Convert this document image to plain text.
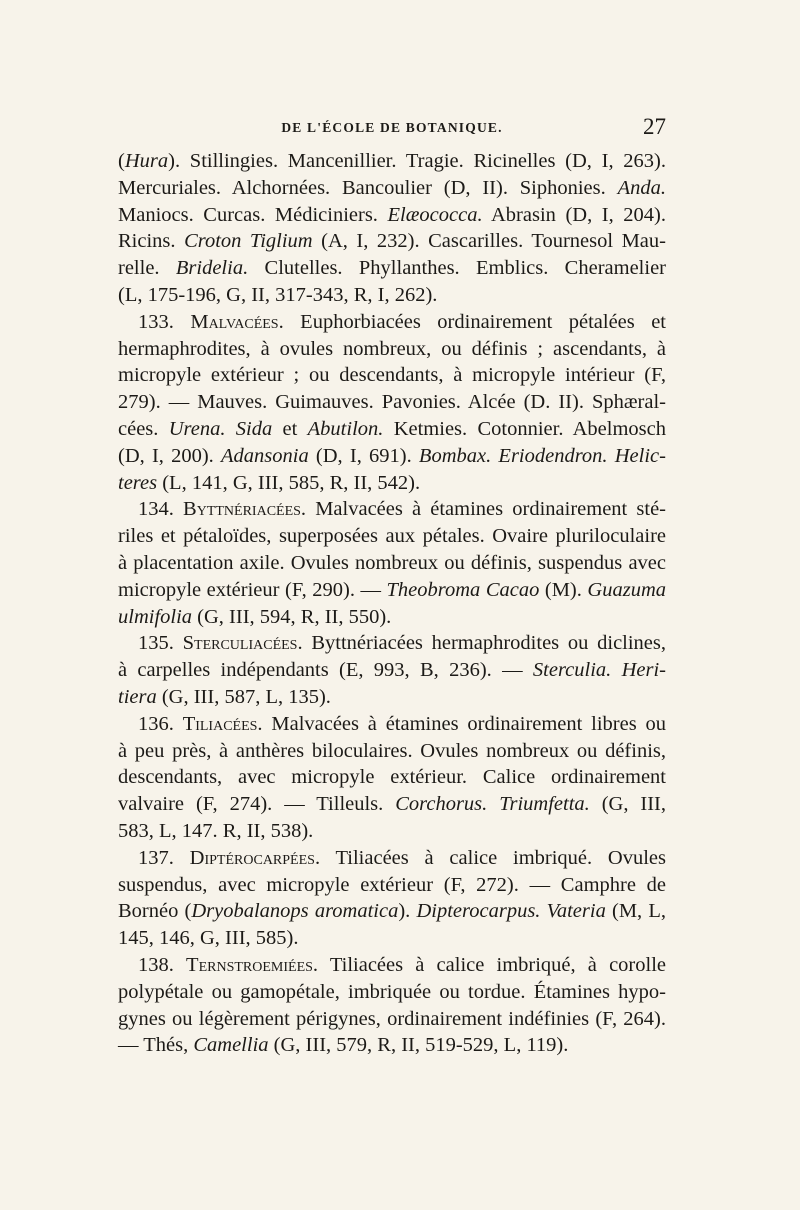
DE L'ÉCOLE DE BOTANIQUE.	27
(Hura). Stillingies. Mancenillier. Tragie. Ricinelles (D, I, 263).
Mercuriales. Alchornées. Bancoulier (D, II). Siphonies. Anda.
Maniocs. Curcas. Médiciniers. Elæococca. Abrasin (D, I, 204).
Ricins. Croton Tiglium (A, I, 232). Cascarilles. Tournesol Mau-
relle. Bridelia. Clutelles. Phyllanthes. Emblics. Cheramelier
(L, 175-196, G, II, 317-343, R, I, 262).
133. Malvacées. Euphorbiacées ordinairement pétalées et
hermaphrodites, à ovules nombreux, ou définis ; ascendants, à
micropyle extérieur ; ou descendants, à micropyle intérieur (F,
279). — Mauves. Guimauves. Pavonies. Alcée (D. II). Sphæral-
cées. Urena. Sida et Abutilon. Ketmies. Cotonnier. Abelmosch
(D, I, 200). Adansonia (D, I, 691). Bombax. Eriodendron. Helic-
teres (L, 141, G, III, 585, R, II, 542).
134. Byttnériacées. Malvacées à étamines ordinairement sté-
riles et pétaloïdes, superposées aux pétales. Ovaire pluriloculaire
à placentation axile. Ovules nombreux ou définis, suspendus avec
micropyle extérieur (F, 290). — Theobroma Cacao (M). Guazuma
ulmifolia (G, III, 594, R, II, 550).
135. Sterculiacées. Byttnériacées hermaphrodites ou diclines,
à carpelles indépendants (E, 993, B, 236). — Sterculia. Heri-
tiera (G, III, 587, L, 135).
136. Tiliacées. Malvacées à étamines ordinairement libres ou
à peu près, à anthères biloculaires. Ovules nombreux ou définis,
descendants, avec micropyle extérieur. Calice ordinairement
valvaire (F, 274). — Tilleuls. Corchorus. Triumfetta. (G, III,
583, L, 147. R, II, 538).
137. Diptérocarpées. Tiliacées à calice imbriqué. Ovules
suspendus, avec micropyle extérieur (F, 272). — Camphre de
Bornéo (Dryobalanops aromatica). Dipterocarpus. Vateria (M, L,
145, 146, G, III, 585).
138. Ternstroemiées. Tiliacées à calice imbriqué, à corolle
polypétale ou gamopétale, imbriquée ou tordue. Étamines hypo-
gynes ou légèrement périgynes, ordinairement indéfinies (F, 264).
— Thés, Camellia (G, III, 579, R, II, 519-529, L, 119).
